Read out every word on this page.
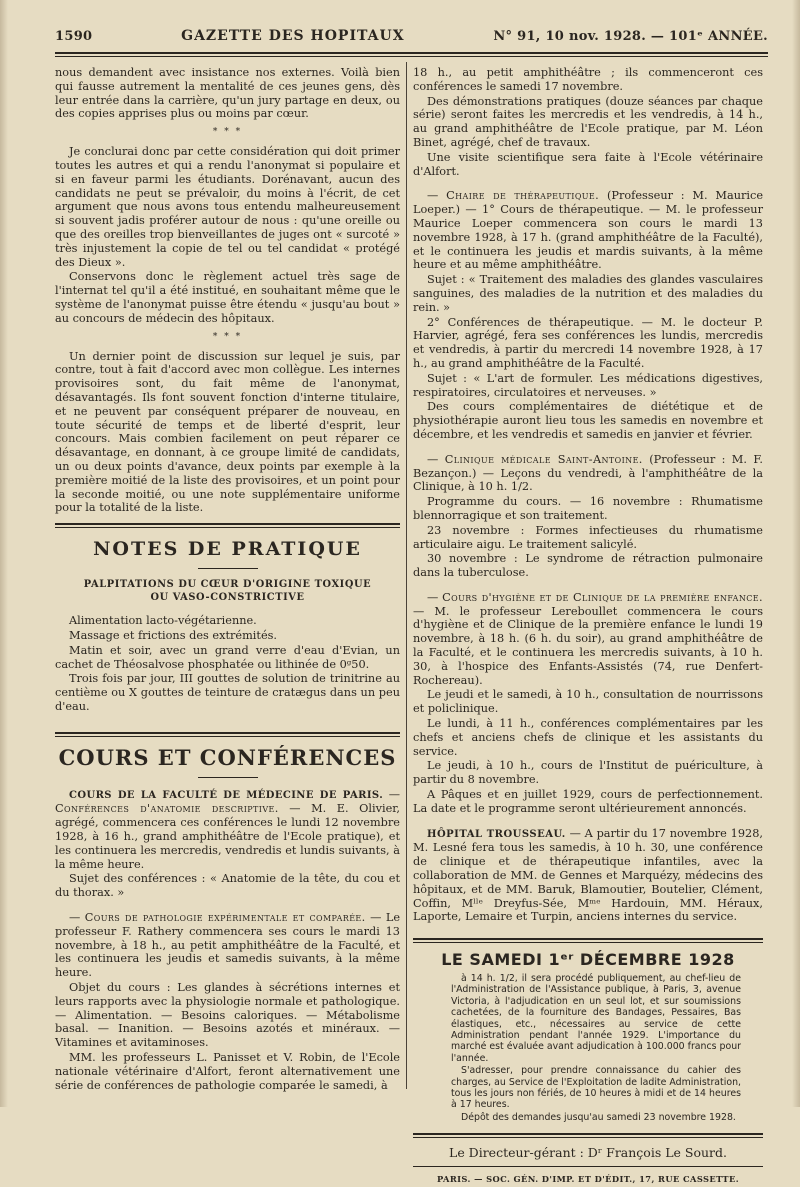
1590	GAZETTE DES HOPITAUX	N° 91, 10 nov. 1928. — 101ᵉ ANNÉE.

nous demandent avec insistance nos externes. Voilà bien qui fausse autrement la mentalité de ces jeunes gens, dès leur entrée dans la carrière, qu'un jury partage en deux, ou des copies apprises plus ou moins par cœur.

* * *

Je conclurai donc par cette considération qui doit primer toutes les autres et qui a rendu l'anonymat si populaire et si en faveur parmi les étudiants. Dorénavant, aucun des candidats ne peut se prévaloir, du moins à l'écrit, de cet argument que nous avons tous entendu malheureusement si souvent jadis proférer autour de nous : qu'une oreille ou que des oreilles trop bienveillantes de juges ont « surcoté » très injustement la copie de tel ou tel candidat « protégé des Dieux ».

Conservons donc le règlement actuel très sage de l'internat tel qu'il a été institué, en souhaitant même que le système de l'anonymat puisse être étendu « jusqu'au bout » au concours de médecin des hôpitaux.

* * *

Un dernier point de discussion sur lequel je suis, par contre, tout à fait d'accord avec mon collègue. Les internes provisoires sont, du fait même de l'anonymat, désavantagés. Ils font souvent fonction d'interne titulaire, et ne peuvent par conséquent préparer de nouveau, en toute sécurité de temps et de liberté d'esprit, leur concours. Mais combien facilement on peut réparer ce désavantage, en donnant, à ce groupe limité de candidats, un ou deux points d'avance, deux points par exemple à la première moitié de la liste des provisoires, et un point pour la seconde moitié, ou une note supplémentaire uniforme pour la totalité de la liste.

NOTES DE PRATIQUE
PALPITATIONS DU CŒUR D'ORIGINE TOXIQUE
OU VASO-CONSTRICTIVE

Alimentation lacto-végétarienne.

Massage et frictions des extrémités.

Matin et soir, avec un grand verre d'eau d'Evian, un cachet de Théosalvose phosphatée ou lithinée de 0ᵍ50.

Trois fois par jour, III gouttes de solution de trinitrine au centième ou X gouttes de teinture de cratægus dans un peu d'eau.

COURS ET CONFÉRENCES

COURS DE LA FACULTÉ DE MÉDECINE DE PARIS. — Conférences d'anatomie descriptive. — M. E. Olivier, agrégé, commencera ces conférences le lundi 12 novembre 1928, à 16 h., grand amphithéâtre de l'Ecole pratique), et les continuera les mercredis, vendredis et lundis suivants, à la même heure.

Sujet des conférences : « Anatomie de la tête, du cou et du thorax. »

— Cours de pathologie expérimentale et comparée. — Le professeur F. Rathery commencera ses cours le mardi 13 novembre, à 18 h., au petit amphithéâtre de la Faculté, et les continuera les jeudis et samedis suivants, à la même heure.

Objet du cours : Les glandes à sécrétions internes et leurs rapports avec la physiologie normale et pathologique. — Alimentation. — Besoins caloriques. — Métabolisme basal. — Inanition. — Besoins azotés et minéraux. — Vitamines et avitaminoses.

MM. les professeurs L. Panisset et V. Robin, de l'Ecole nationale vétérinaire d'Alfort, feront alternativement une série de conférences de pathologie comparée le samedi, à

18 h., au petit amphithéâtre ; ils commenceront ces conférences le samedi 17 novembre.

Des démonstrations pratiques (douze séances par chaque série) seront faites les mercredis et les vendredis, à 14 h., au grand amphithéâtre de l'Ecole pratique, par M. Léon Binet, agrégé, chef de travaux.

Une visite scientifique sera faite à l'Ecole vétérinaire d'Alfort.

— Chaire de thérapeutique. (Professeur : M. Maurice Loeper.) — 1° Cours de thérapeutique. — M. le professeur Maurice Loeper commencera son cours le mardi 13 novembre 1928, à 17 h. (grand amphithéâtre de la Faculté), et le continuera les jeudis et mardis suivants, à la même heure et au même amphithéâtre.

Sujet : « Traitement des maladies des glandes vasculaires sanguines, des maladies de la nutrition et des maladies du rein. »

2° Conférences de thérapeutique. — M. le docteur P. Harvier, agrégé, fera ses conférences les lundis, mercredis et vendredis, à partir du mercredi 14 novembre 1928, à 17 h., au grand amphithéâtre de la Faculté.

Sujet : « L'art de formuler. Les médications digestives, respiratoires, circulatoires et nerveuses. »

Des cours complémentaires de diététique et de physiothérapie auront lieu tous les samedis en novembre et décembre, et les vendredis et samedis en janvier et février.

— Clinique médicale Saint-Antoine. (Professeur : M. F. Bezançon.) — Leçons du vendredi, à l'amphithéâtre de la Clinique, à 10 h. 1/2.

Programme du cours. — 16 novembre : Rhumatisme blennorragique et son traitement.

23 novembre : Formes infectieuses du rhumatisme articulaire aigu. Le traitement salicylé.

30 novembre : Le syndrome de rétraction pulmonaire dans la tuberculose.

— Cours d'hygiène et de Clinique de la première enfance. — M. le professeur Lereboullet commencera le cours d'hygiène et de Clinique de la première enfance le lundi 19 novembre, à 18 h. (6 h. du soir), au grand amphithéâtre de la Faculté, et le continuera les mercredis suivants, à 10 h. 30, à l'hospice des Enfants-Assistés (74, rue Denfert-Rochereau).

Le jeudi et le samedi, à 10 h., consultation de nourrissons et policlinique.

Le lundi, à 11 h., conférences complémentaires par les chefs et anciens chefs de clinique et les assistants du service.

Le jeudi, à 10 h., cours de l'Institut de puériculture, à partir du 8 novembre.

A Pâques et en juillet 1929, cours de perfectionnement. La date et le programme seront ultérieurement annoncés.

HÔPITAL TROUSSEAU. — A partir du 17 novembre 1928, M. Lesné fera tous les samedis, à 10 h. 30, une conférence de clinique et de thérapeutique infantiles, avec la collaboration de MM. de Gennes et Marquézy, médecins des hôpitaux, et de MM. Baruk, Blamoutier, Boutelier, Clément, Coffin, Mˡˡᵉ Dreyfus-Sée, Mᵐᵉ Hardouin, MM. Héraux, Laporte, Lemaire et Turpin, anciens internes du service.

LE SAMEDI 1ᵉʳ DÉCEMBRE 1928

à 14 h. 1/2, il sera procédé publiquement, au chef-lieu de l'Administration de l'Assistance publique, à Paris, 3, avenue Victoria, à l'adjudication en un seul lot, et sur soumissions cachetées, de la fourniture des Bandages, Pessaires, Bas élastiques, etc., nécessaires au service de cette Administration pendant l'année 1929. L'importance du marché est évaluée avant adjudication à 100.000 francs pour l'année.

S'adresser, pour prendre connaissance du cahier des charges, au Service de l'Exploitation de ladite Administration, tous les jours non fériés, de 10 heures à midi et de 14 heures à 17 heures.

Dépôt des demandes jusqu'au samedi 23 novembre 1928.

Le Directeur-gérant : Dʳ François Le Sourd.
PARIS. — SOC. GÉN. D'IMP. ET D'ÉDIT., 17, RUE CASSETTE.
